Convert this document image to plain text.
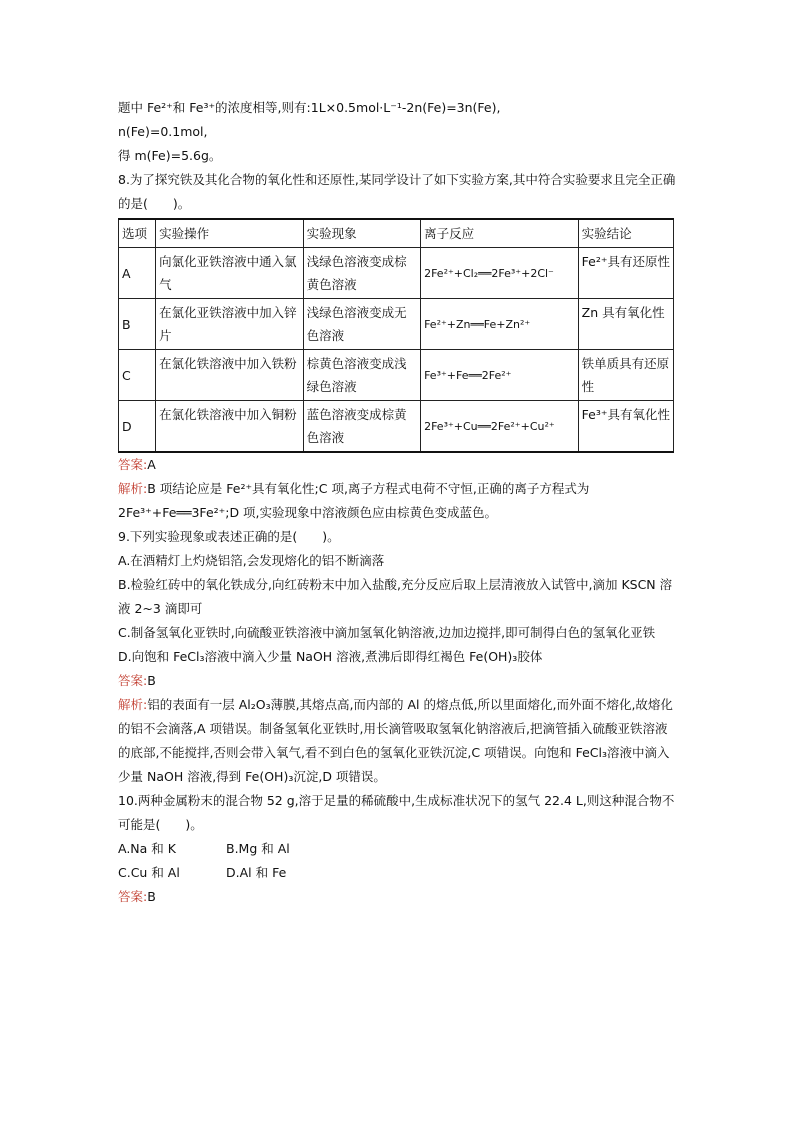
题中 Fe²⁺和 Fe³⁺的浓度相等,则有:1L×0.5mol·L⁻¹-2n(Fe)=3n(Fe),
n(Fe)=0.1mol,
得 m(Fe)=5.6g。
8.为了探究铁及其化合物的氧化性和还原性,某同学设计了如下实验方案,其中符合实验要求且完全正确的是(　　)。
选项	实验操作	实验现象	离子反应	实验结论
A	向氯化亚铁溶液中通入氯气	浅绿色溶液变成棕黄色溶液	2Fe²⁺+Cl₂══2Fe³⁺+2Cl⁻	Fe²⁺具有还原性
B	在氯化亚铁溶液中加入锌片	浅绿色溶液变成无色溶液	Fe²⁺+Zn══Fe+Zn²⁺	Zn 具有氧化性
C	在氯化铁溶液中加入铁粉	棕黄色溶液变成浅绿色溶液	Fe³⁺+Fe══2Fe²⁺	铁单质具有还原性
D	在氯化铁溶液中加入铜粉	蓝色溶液变成棕黄色溶液	2Fe³⁺+Cu══2Fe²⁺+Cu²⁺	Fe³⁺具有氧化性
答案:A
解析:B 项结论应是 Fe²⁺具有氧化性;C 项,离子方程式电荷不守恒,正确的离子方程式为 2Fe³⁺+Fe══3Fe²⁺;D 项,实验现象中溶液颜色应由棕黄色变成蓝色。
9.下列实验现象或表述正确的是(　　)。
A.在酒精灯上灼烧铝箔,会发现熔化的铝不断滴落
B.检验红砖中的氧化铁成分,向红砖粉末中加入盐酸,充分反应后取上层清液放入试管中,滴加 KSCN 溶液 2~3 滴即可
C.制备氢氧化亚铁时,向硫酸亚铁溶液中滴加氢氧化钠溶液,边加边搅拌,即可制得白色的氢氧化亚铁
D.向饱和 FeCl₃溶液中滴入少量 NaOH 溶液,煮沸后即得红褐色 Fe(OH)₃胶体
答案:B
解析:铝的表面有一层 Al₂O₃薄膜,其熔点高,而内部的 Al 的熔点低,所以里面熔化,而外面不熔化,故熔化的铝不会滴落,A 项错误。制备氢氧化亚铁时,用长滴管吸取氢氧化钠溶液后,把滴管插入硫酸亚铁溶液的底部,不能搅拌,否则会带入氧气,看不到白色的氢氧化亚铁沉淀,C 项错误。向饱和 FeCl₃溶液中滴入少量 NaOH 溶液,得到 Fe(OH)₃沉淀,D 项错误。
10.两种金属粉末的混合物 52 g,溶于足量的稀硫酸中,生成标准状况下的氢气 22.4 L,则这种混合物不可能是(　　)。
A.Na 和 K	B.Mg 和 Al
C.Cu 和 Al	D.Al 和 Fe
答案:B
